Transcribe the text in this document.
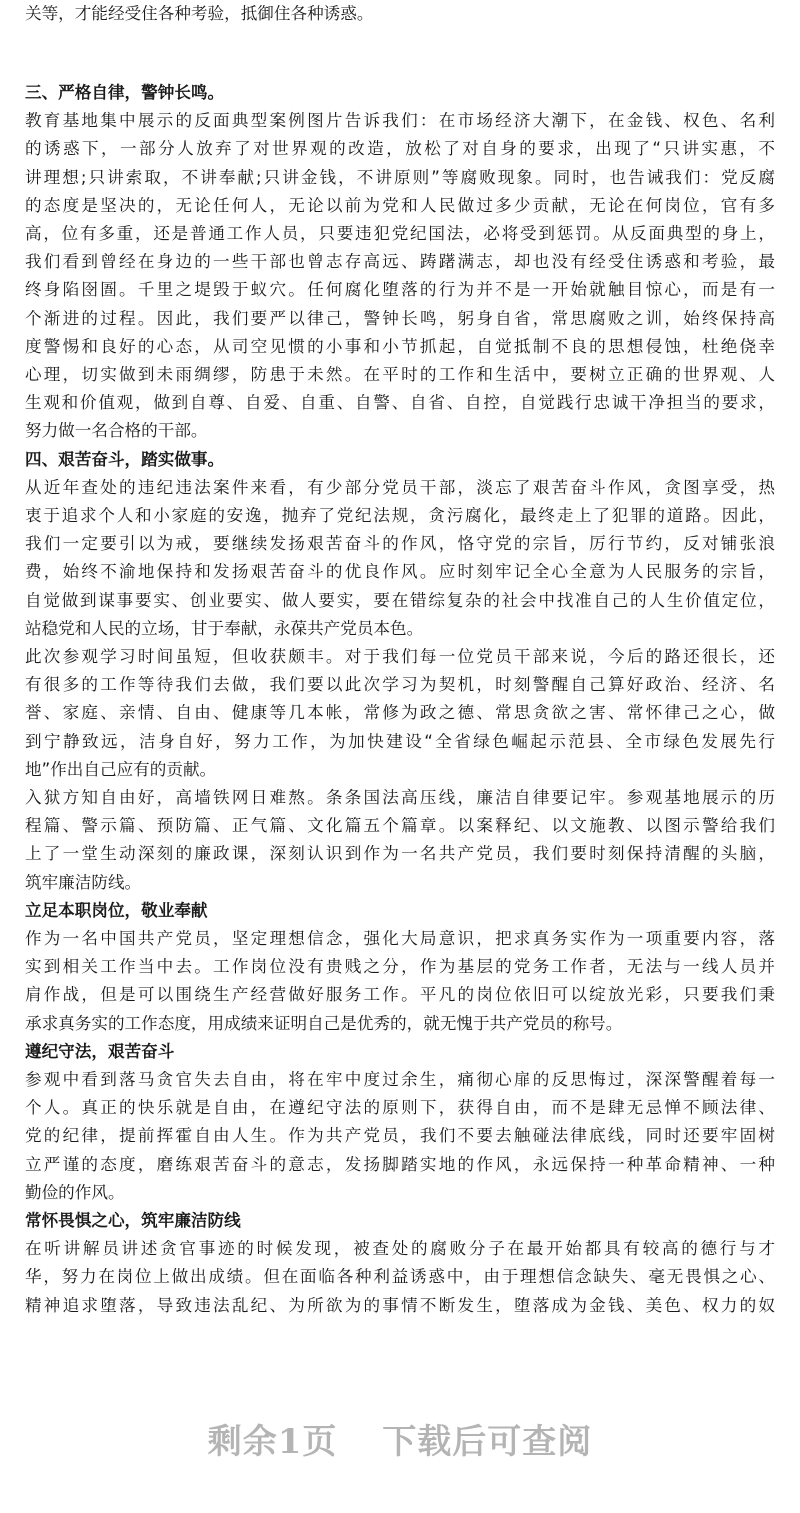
关等，才能经受住各种考验，抵御住各种诱惑。
三、严格自律，警钟长鸣。
教育基地集中展示的反面典型案例图片告诉我们：在市场经济大潮下，在金钱、权色、名利
的诱惑下，一部分人放弃了对世界观的改造，放松了对自身的要求，出现了“只讲实惠，不
讲理想;只讲索取，不讲奉献;只讲金钱，不讲原则”等腐败现象。同时，也告诫我们：党反腐
的态度是坚决的，无论任何人，无论以前为党和人民做过多少贡献，无论在何岗位，官有多
高，位有多重，还是普通工作人员，只要违犯党纪国法，必将受到惩罚。从反面典型的身上，
我们看到曾经在身边的一些干部也曾志存高远、踌躇满志，却也没有经受住诱惑和考验，最
终身陷囹圄。千里之堤毁于蚁穴。任何腐化堕落的行为并不是一开始就触目惊心，而是有一
个渐进的过程。因此，我们要严以律己，警钟长鸣，躬身自省，常思腐败之训，始终保持高
度警惕和良好的心态，从司空见惯的小事和小节抓起，自觉抵制不良的思想侵蚀，杜绝侥幸
心理，切实做到未雨绸缪，防患于未然。在平时的工作和生活中，要树立正确的世界观、人
生观和价值观，做到自尊、自爱、自重、自警、自省、自控，自觉践行忠诚干净担当的要求，
努力做一名合格的干部。
四、艰苦奋斗，踏实做事。
从近年查处的违纪违法案件来看，有少部分党员干部，淡忘了艰苦奋斗作风，贪图享受，热
衷于追求个人和小家庭的安逸，抛弃了党纪法规，贪污腐化，最终走上了犯罪的道路。因此，
我们一定要引以为戒，要继续发扬艰苦奋斗的作风，恪守党的宗旨，厉行节约，反对铺张浪
费，始终不渝地保持和发扬艰苦奋斗的优良作风。应时刻牢记全心全意为人民服务的宗旨，
自觉做到谋事要实、创业要实、做人要实，要在错综复杂的社会中找准自己的人生价值定位，
站稳党和人民的立场，甘于奉献，永葆共产党员本色。
此次参观学习时间虽短，但收获颇丰。对于我们每一位党员干部来说，今后的路还很长，还
有很多的工作等待我们去做，我们要以此次学习为契机，时刻警醒自己算好政治、经济、名
誉、家庭、亲情、自由、健康等几本帐，常修为政之德、常思贪欲之害、常怀律己之心，做
到宁静致远，洁身自好，努力工作，为加快建设“全省绿色崛起示范县、全市绿色发展先行
地”作出自己应有的贡献。
入狱方知自由好，高墙铁网日难熬。条条国法高压线，廉洁自律要记牢。参观基地展示的历
程篇、警示篇、预防篇、正气篇、文化篇五个篇章。以案释纪、以文施教、以图示警给我们
上了一堂生动深刻的廉政课，深刻认识到作为一名共产党员，我们要时刻保持清醒的头脑，
筑牢廉洁防线。
立足本职岗位，敬业奉献
作为一名中国共产党员，坚定理想信念，强化大局意识，把求真务实作为一项重要内容，落
实到相关工作当中去。工作岗位没有贵贱之分，作为基层的党务工作者，无法与一线人员并
肩作战，但是可以围绕生产经营做好服务工作。平凡的岗位依旧可以绽放光彩，只要我们秉
承求真务实的工作态度，用成绩来证明自己是优秀的，就无愧于共产党员的称号。
遵纪守法，艰苦奋斗
参观中看到落马贪官失去自由，将在牢中度过余生，痛彻心扉的反思悔过，深深警醒着每一
个人。真正的快乐就是自由，在遵纪守法的原则下，获得自由，而不是肆无忌惮不顾法律、
党的纪律，提前挥霍自由人生。作为共产党员，我们不要去触碰法律底线，同时还要牢固树
立严谨的态度，磨练艰苦奋斗的意志，发扬脚踏实地的作风，永远保持一种革命精神、一种
勤俭的作风。
常怀畏惧之心，筑牢廉洁防线
在听讲解员讲述贪官事迹的时候发现，被查处的腐败分子在最开始都具有较高的德行与才
华，努力在岗位上做出成绩。但在面临各种利益诱惑中，由于理想信念缺失、毫无畏惧之心、
精神追求堕落，导致违法乱纪、为所欲为的事情不断发生，堕落成为金钱、美色、权力的奴
剩余1页 下载后可查阅
